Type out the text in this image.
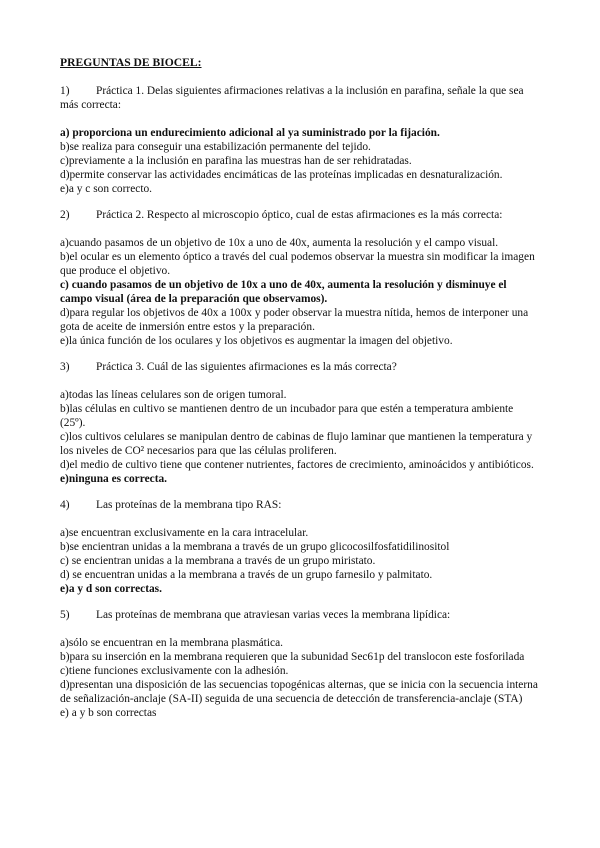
PREGUNTAS DE BIOCEL:
1) Práctica 1. Delas siguientes afirmaciones relativas a la inclusión en parafina, señale la que sea más correcta:
a) proporciona un endurecimiento adicional al ya suministrado por la fijación.
b)se realiza para conseguir una estabilización permanente del tejido.
c)previamente a la inclusión en parafina las muestras han de ser rehidratadas.
d)permite conservar las actividades encimáticas de las proteínas implicadas en desnaturalización.
e)a y c son correcto.
2)	Práctica 2. Respecto al microscopio óptico, cual de estas afirmaciones es la más correcta:
a)cuando pasamos de un objetivo de 10x a uno de 40x, aumenta la resolución y el campo visual.
b)el ocular es un elemento óptico a través del cual podemos observar la muestra sin modificar la imagen que produce el objetivo.
c) cuando pasamos de un objetivo de 10x a uno de 40x, aumenta la resolución y disminuye el campo visual (área de la preparación que observamos).
d)para regular los objetivos de 40x a 100x y poder observar la muestra nítida, hemos de interponer una gota de aceite de inmersión entre estos y la preparación.
e)la única función de los oculares y los objetivos es augmentar la imagen del objetivo.
3)	Práctica 3. Cuál de las siguientes afirmaciones es la más correcta?
a)todas las líneas celulares son de origen tumoral.
b)las células en cultivo se mantienen dentro de un incubador para que estén a temperatura ambiente (25º).
c)los cultivos celulares se manipulan dentro de cabinas de flujo laminar que mantienen la temperatura y los niveles de CO² necesarios para que las células proliferen.
d)el medio de cultivo tiene que contener nutrientes, factores de crecimiento, aminoácidos y antibióticos.
e)ninguna es correcta.
4)	Las proteínas de la membrana tipo RAS:
a)se encuentran exclusivamente en la cara intracelular.
b)se encientran unidas a la membrana a través de un grupo glicocosilfosfatidilinositol
c) se encientran unidas a la membrana a través de un grupo miristato.
d) se encuentran unidas a la membrana a través de un grupo farnesilo y palmitato.
e)a y d son correctas.
5)	Las proteínas de membrana que atraviesan varias veces la membrana lipídica:
a)sólo se encuentran en la membrana plasmática.
b)para su inserción en la membrana requieren que la subunidad Sec61p del translocon este fosforilada
c)tiene funciones exclusivamente con la adhesión.
d)presentan una disposición de las secuencias topogénicas alternas, que se inicia con la secuencia interna de señalización-anclaje (SA-II) seguida de una secuencia de detección de transferencia-anclaje (STA)
e) a y b son correctas
